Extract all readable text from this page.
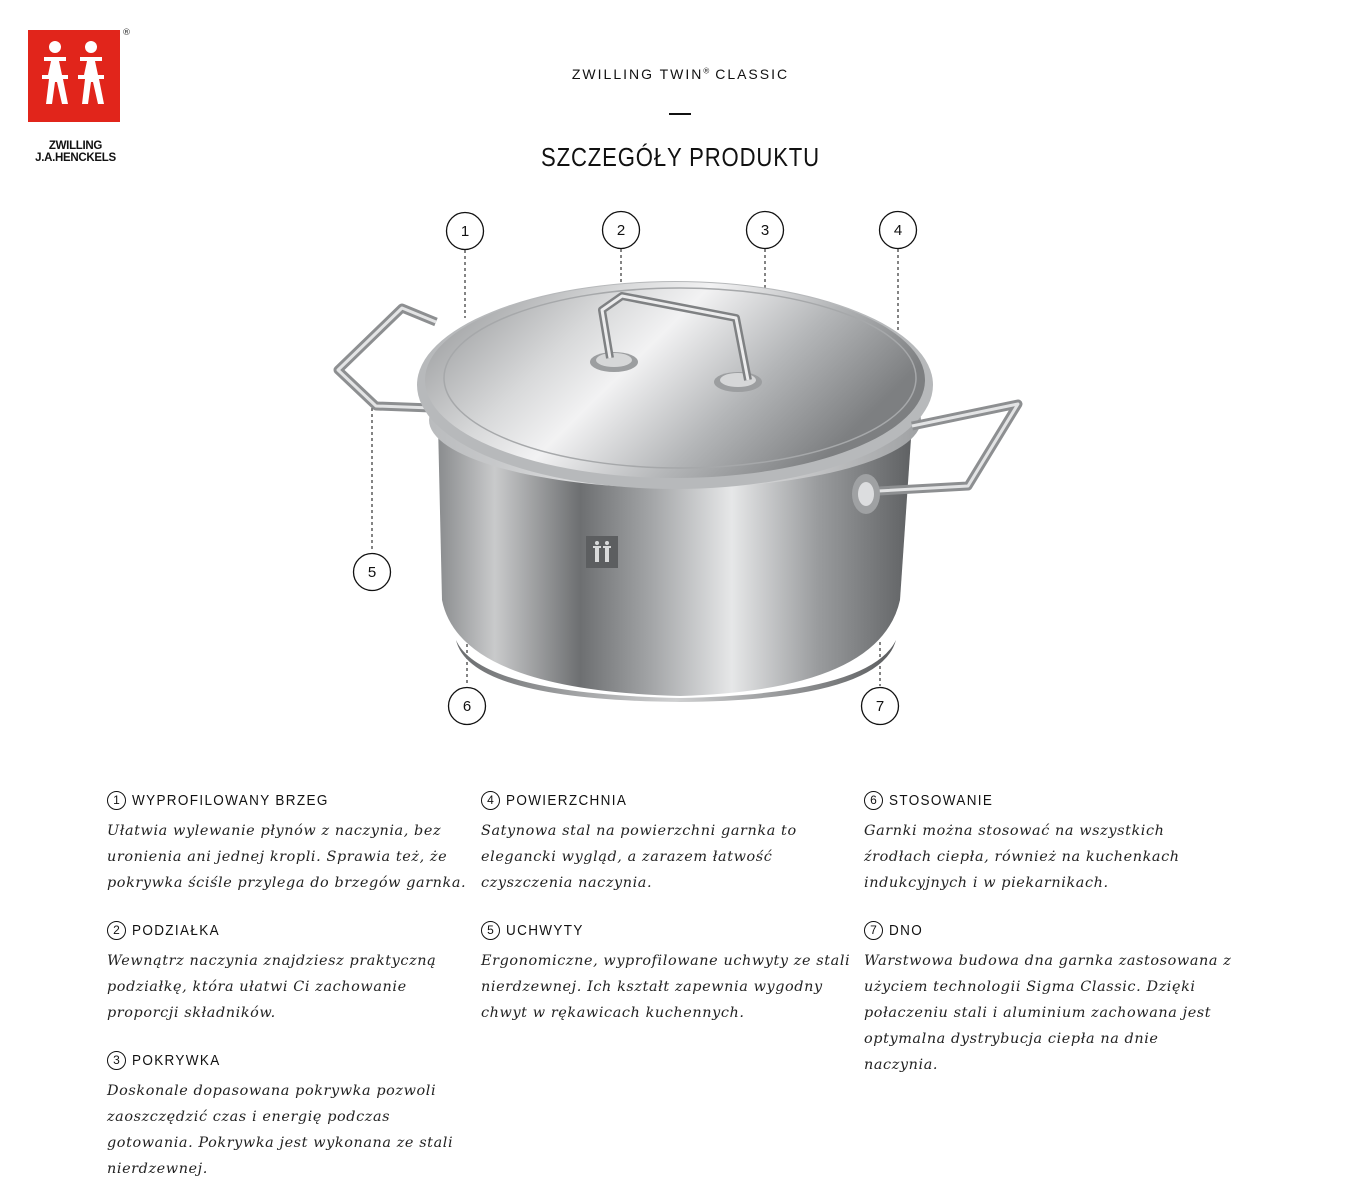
®
ZWILLING
J.A.HENCKELS
ZWILLING TWIN® CLASSIC
SZCZEGÓŁY PRODUKTU
1	2	3	4
5
6	7
1 WYPROFILOWANY BRZEG
Ułatwia wylewanie płynów z naczynia, bez uronienia ani jednej kropli. Sprawia też, że pokrywka ściśle przylega do brzegów garnka.
2 PODZIAŁKA
Wewnątrz naczynia znajdziesz praktyczną podziałkę, która ułatwi Ci zachowanie proporcji składników.
3 POKRYWKA
Doskonale dopasowana pokrywka pozwoli zaoszczędzić czas i energię podczas gotowania. Pokrywka jest wykonana ze stali nierdzewnej.
4 POWIERZCHNIA
Satynowa stal na powierzchni garnka to elegancki wygląd, a zarazem łatwość czyszczenia naczynia.
5 UCHWYTY
Ergonomiczne, wyprofilowane uchwyty ze stali nierdzewnej. Ich kształt zapewnia wygodny chwyt w rękawicach kuchennych.
6 STOSOWANIE
Garnki można stosować na wszystkich źrodłach ciepła, również na kuchenkach indukcyjnych i w piekarnikach.
7 DNO
Warstwowa budowa dna garnka zastosowana z użyciem technologii Sigma Classic. Dzięki połaczeniu stali i aluminium zachowana jest optymalna dystrybucja ciepła na dnie naczynia.
